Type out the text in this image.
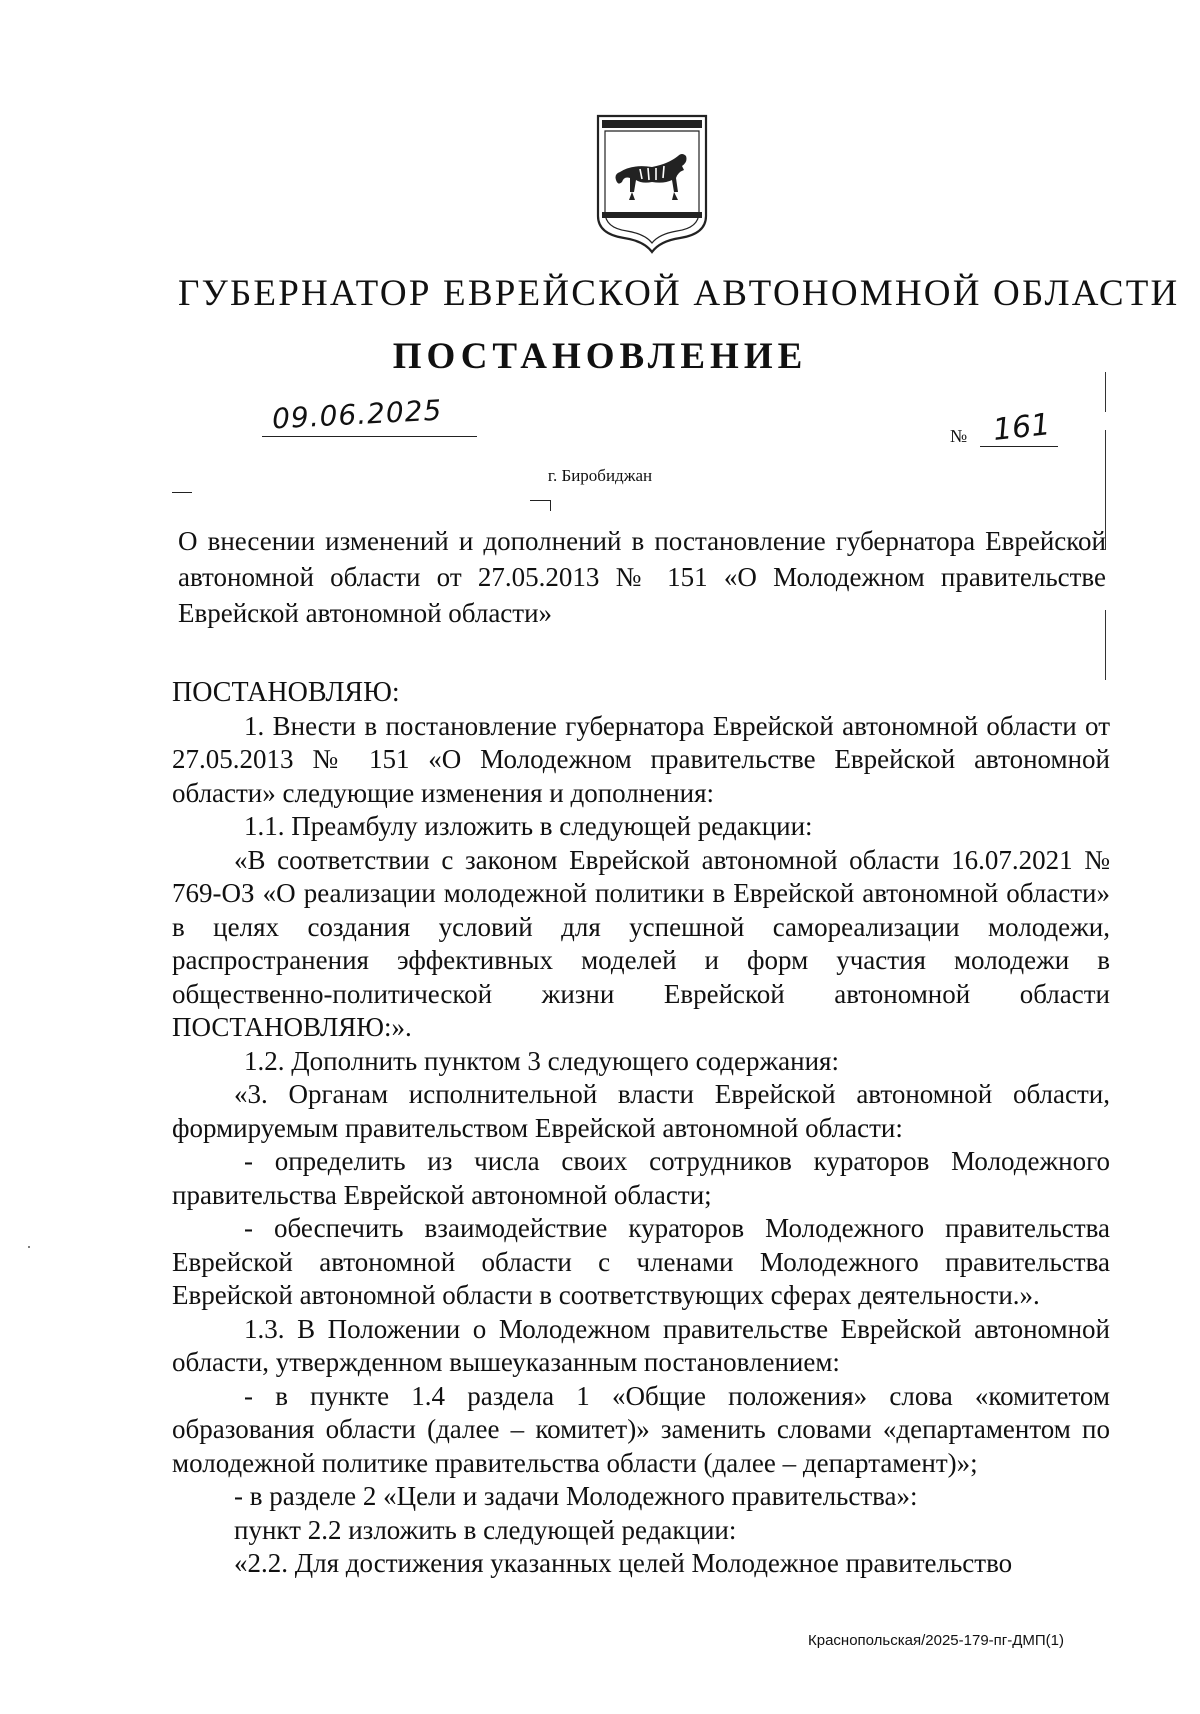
ГУБЕРНАТОР ЕВРЕЙСКОЙ АВТОНОМНОЙ ОБЛАСТИ
ПОСТАНОВЛЕНИЕ
09.06.2025
№ 161
г. Биробиджан
О внесении изменений и дополнений в постановление губернатора Еврейской автономной области от 27.05.2013 № 151 «О Молодежном правительстве Еврейской автономной области»

ПОСТАНОВЛЯЮ:

1. Внести в постановление губернатора Еврейской автономной области от 27.05.2013 № 151 «О Молодежном правительстве Еврейской автономной области» следующие изменения и дополнения:

1.1. Преамбулу изложить в следующей редакции:

«В соответствии с законом Еврейской автономной области 16.07.2021 № 769-ОЗ «О реализации молодежной политики в Еврейской автономной области» в целях создания условий для успешной самореализации молодежи, распространения эффективных моделей и форм участия молодежи в общественно-политической жизни Еврейской автономной области ПОСТАНОВЛЯЮ:».

1.2. Дополнить пунктом 3 следующего содержания:

«3. Органам исполнительной власти Еврейской автономной области, формируемым правительством Еврейской автономной области:

- определить из числа своих сотрудников кураторов Молодежного правительства Еврейской автономной области;

- обеспечить взаимодействие кураторов Молодежного правительства Еврейской автономной области с членами Молодежного правительства Еврейской автономной области в соответствующих сферах деятельности.».

1.3. В Положении о Молодежном правительстве Еврейской автономной области, утвержденном вышеуказанным постановлением:

- в пункте 1.4 раздела 1 «Общие положения» слова «комитетом образования области (далее – комитет)» заменить словами «департаментом по молодежной политике правительства области (далее – департамент)»;

- в разделе 2 «Цели и задачи Молодежного правительства»:

пункт 2.2 изложить в следующей редакции:

«2.2. Для достижения указанных целей Молодежное правительство

Краснопольская/2025-179-пг-ДМП(1)
